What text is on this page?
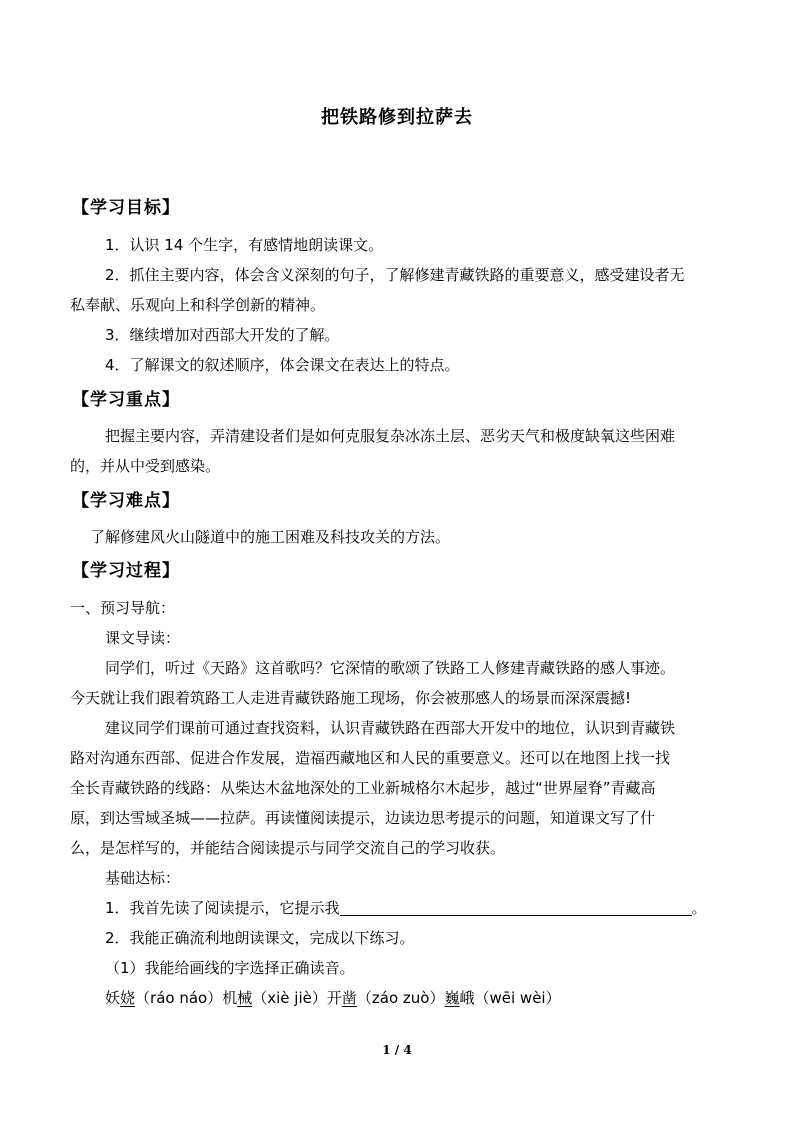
把铁路修到拉萨去
【学习目标】
1．认识 14 个生字，有感情地朗读课文。
2．抓住主要内容，体会含义深刻的句子，了解修建青藏铁路的重要意义，感受建设者无
私奉献、乐观向上和科学创新的精神。
3．继续增加对西部大开发的了解。
4．了解课文的叙述顺序，体会课文在表达上的特点。
【学习重点】
把握主要内容，弄清建设者们是如何克服复杂冰冻土层、恶劣天气和极度缺氧这些困难
的，并从中受到感染。
【学习难点】
了解修建风火山隧道中的施工困难及科技攻关的方法。
【学习过程】
一、预习导航：
课文导读：
同学们，听过《天路》这首歌吗？它深情的歌颂了铁路工人修建青藏铁路的感人事迹。
今天就让我们跟着筑路工人走进青藏铁路施工现场，你会被那感人的场景而深深震撼!
建议同学们课前可通过查找资料，认识青藏铁路在西部大开发中的地位，认识到青藏铁
路对沟通东西部、促进合作发展，造福西藏地区和人民的重要意义。还可以在地图上找一找
全长青藏铁路的线路：从柴达木盆地深处的工业新城格尔木起步，越过“世界屋脊”青藏高
原，到达雪域圣城——拉萨。再读懂阅读提示，边读边思考提示的问题，知道课文写了什
么，是怎样写的，并能结合阅读提示与同学交流自己的学习收获。
基础达标：
1．我首先读了阅读提示，它提示我	。
2．我能正确流利地朗读课文，完成以下练习。
（1）我能给画线的字选择正确读音。
妖娆（ráo náo）机械（xiè jiè）开凿（záo zuò）巍峨（wēi wèi）
1 / 4
